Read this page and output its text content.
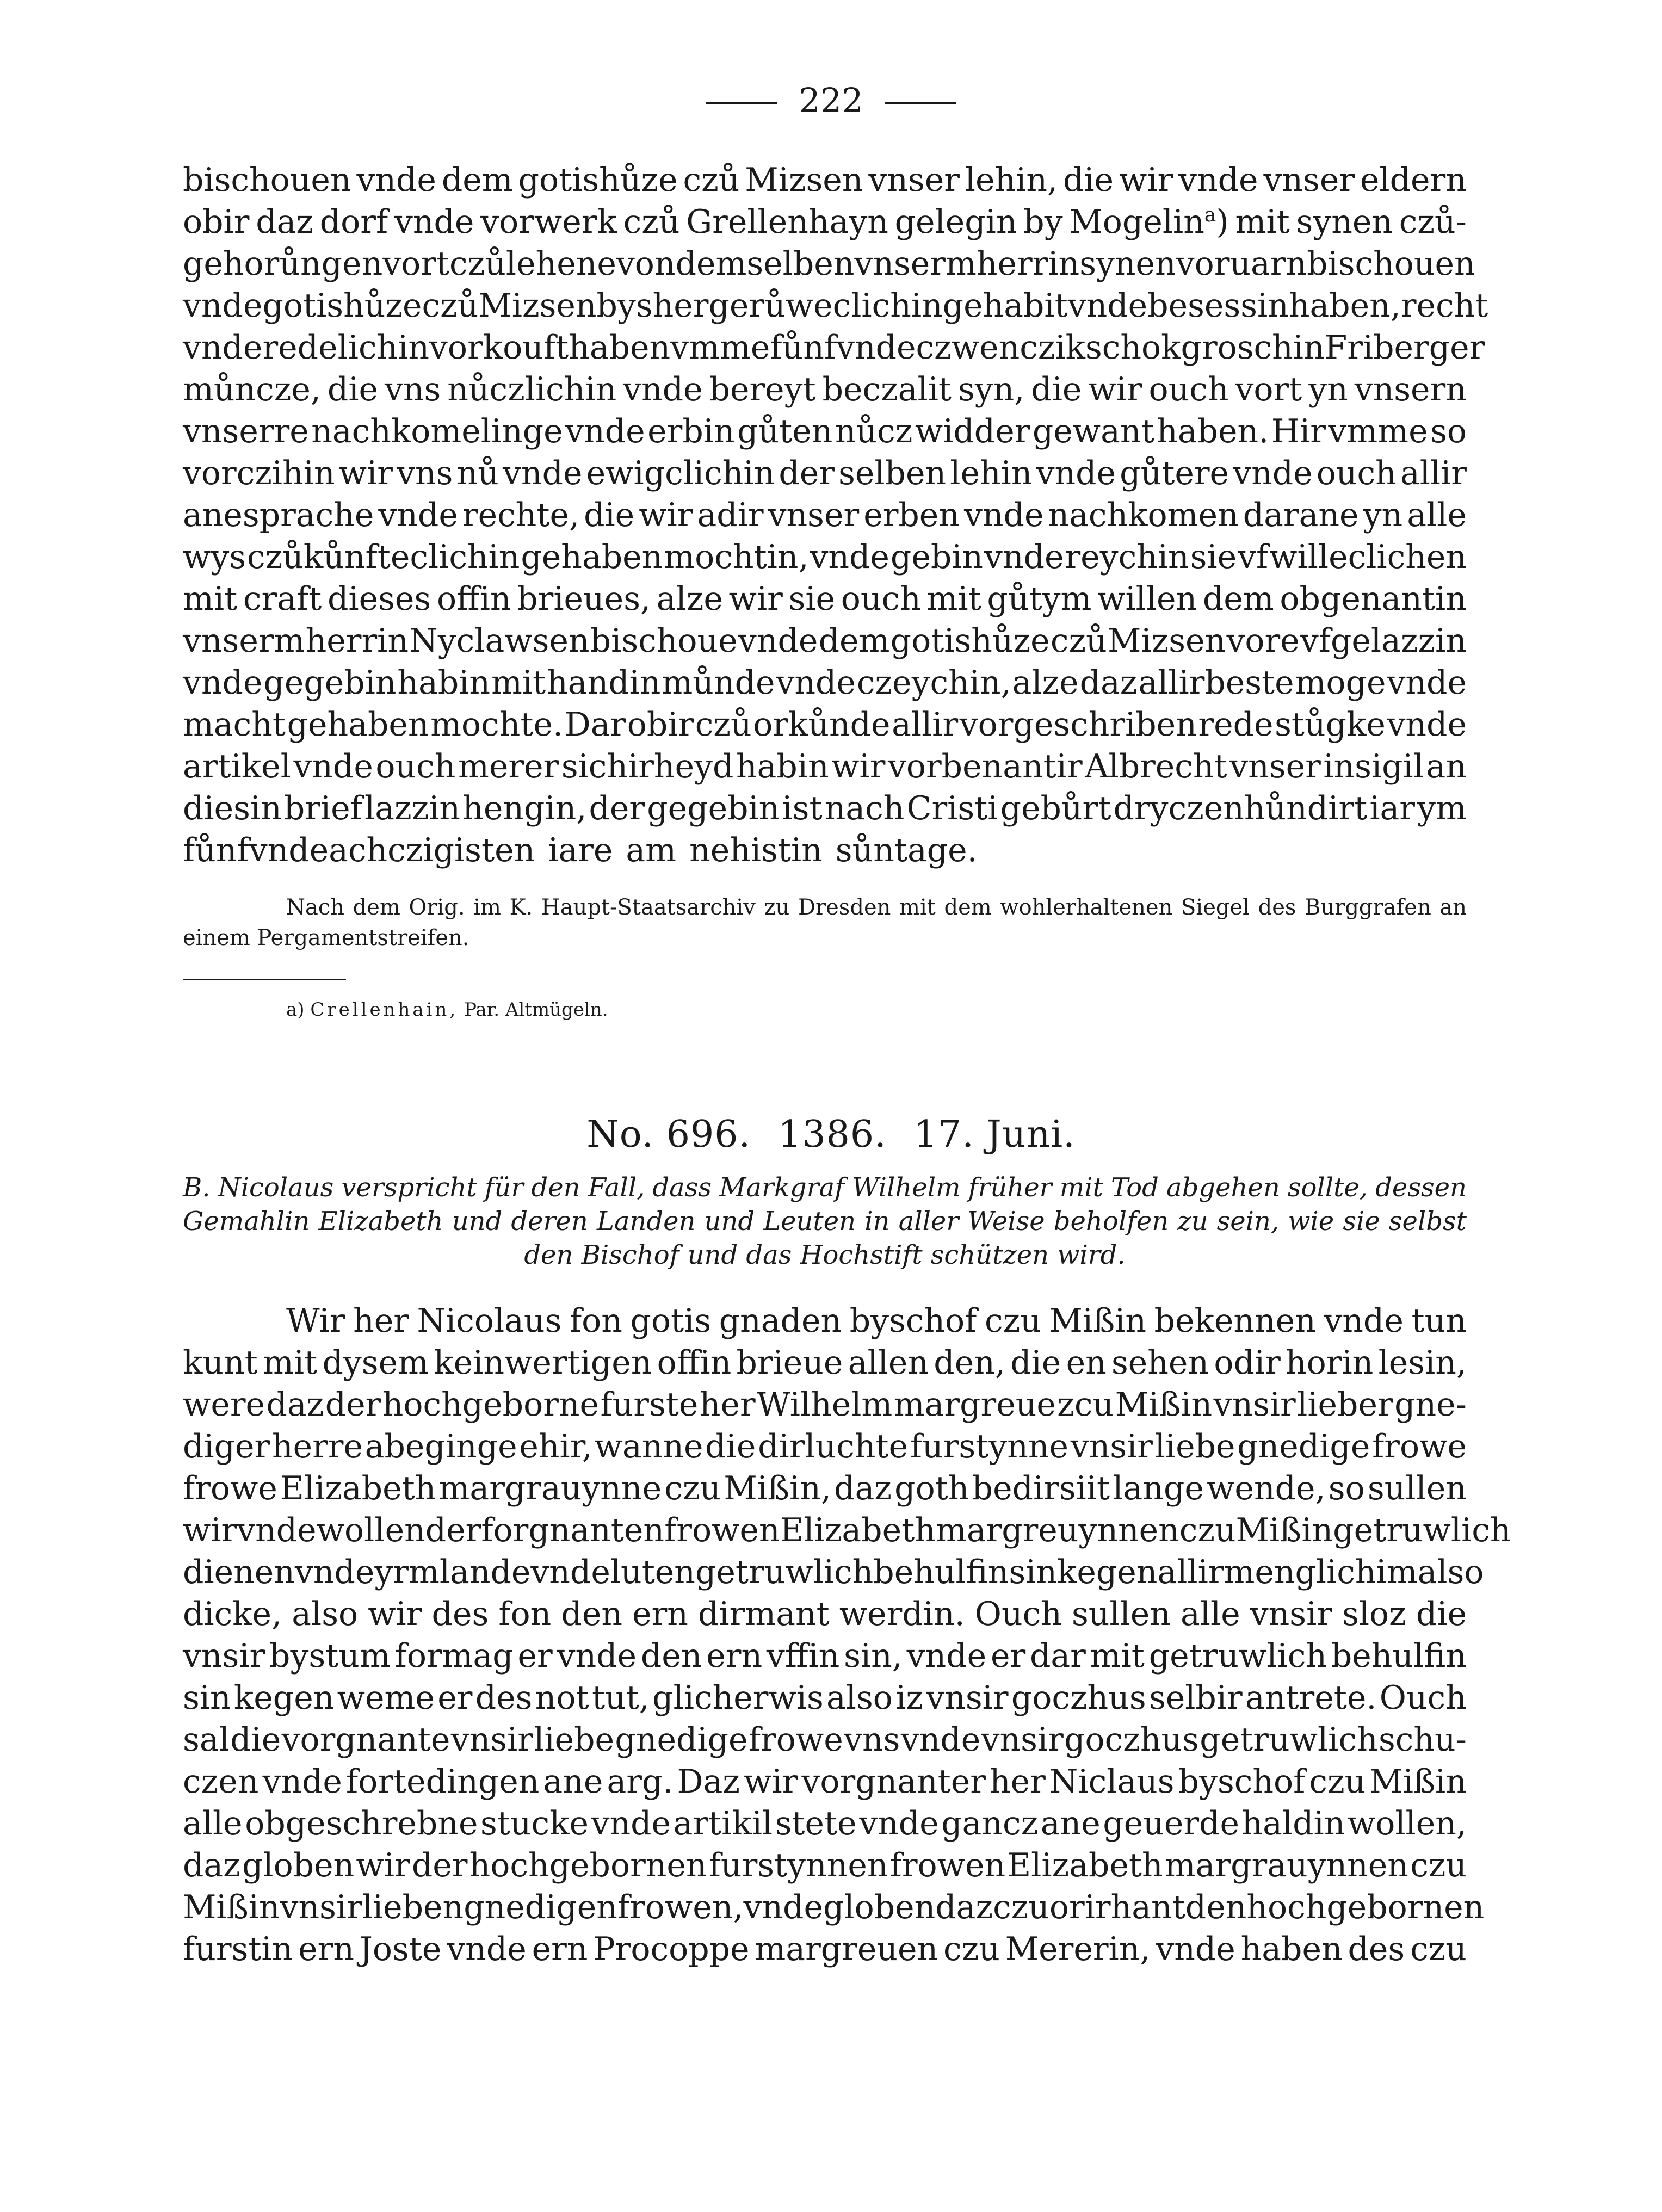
222
bischouen vnde dem gotishůze czů Mizsen vnser lehin, die wir vnde vnser eldern
obir daz dorf vnde vorwerk czů Grellenhayn gelegin by Mogelin$^a$) mit synen czů-
gehorůngen vort czů lehene von dem selben vnserm herrin synen voruarn bischouen
vnde gotishůze czů Mizsen bys her gerůweclichin gehabit vnde besessin haben, recht
vnde redelichin vorkouft haben vmme fůnfvndeczwenczik schok groschin Friberger
můncze, die vns nůczlichin vnde bereyt beczalit syn, die wir ouch vort yn vnsern
vnserre nachkomelinge vnde erbin gůten nůcz widder gewant haben. Hir vmme so
vorczihin wir vns nů vnde ewigclichin der selben lehin vnde gůtere vnde ouch allir
anesprache vnde rechte, die wir adir vnser erben vnde nachkomen darane yn alle
wys czůkůnfteclichin gehaben mochtin, vnde gebin vnde reychin sie vf willeclichen
mit craft dieses offin brieues, alze wir sie ouch mit gůtym willen dem obgenantin
vnserm herrin Nyclawsen bischoue vnde dem gotishůze czů Mizsen vore vfgelazzin
vnde gegebin habin mit handin můnde vnde czeychin, alze daz allirbeste moge vnde
macht gehaben mochte. Dar obir czů orkůnde allir vorgeschriben rede stůgke vnde
artikel vnde ouch merer sichirheyd habin wir vorbenantir Albrecht vnser insigil an
diesin brief lazzin hengin, der gegebin ist nach Cristi gebůrt dryczenhůndirt iar ym
fůnfvndeachczigisten iare am nehistin sůntage.
Nach dem Orig. im K. Haupt-Staatsarchiv zu Dresden mit dem wohlerhaltenen Siegel des Burggrafen an einem Pergamentstreifen.
a) Crellenhain, Par. Altmügeln.
No. 696. 1386. 17. Juni.
B. Nicolaus verspricht für den Fall, dass Markgraf Wilhelm früher mit Tod abgehen sollte, dessen
Gemahlin Elizabeth und deren Landen und Leuten in aller Weise beholfen zu sein, wie sie selbst
den Bischof und das Hochstift schützen wird.
Wir her Nicolaus fon gotis gnaden byschof czu Mißin bekennen vnde tun
kunt mit dysem keinwertigen offin brieue allen den, die en sehen odir horin lesin,
were daz der hochgeborne furste her Wilhelm margreue zcu Mißin vnsir lieber gne-
diger herre abeginge ehir, wanne die dirluchte furstynne vnsir liebe gnedige frowe
frowe Elizabeth margrauynne czu Mißin, daz goth bedirsiit lange wende, so sullen
wir vnde wollen der forgnanten frowen Elizabeth margreuynnen czu Mißin getruwlich
dienen vnde yrm lande vnde luten getruwlich behulfin sin kegen allirmenglichim also
dicke, also wir des fon den ern dirmant werdin. Ouch sullen alle vnsir sloz die
vnsir bystum formag er vnde den ern vffin sin, vnde er dar mit getruwlich behulfin
sin kegen weme er des not tut, glicherwis also iz vnsir goczhus selbir antrete. Ouch
sal die vorgnante vnsir liebe gnedige frowe vns vnde vnsir goczhus getruwlich schu-
czen vnde fortedingen ane arg. Daz wir vorgnanter her Niclaus byschof czu Mißin
alle obgeschrebne stucke vnde artikil stete vnde gancz ane geuerde haldin wollen,
daz globen wir der hochgebornen furstynnen frowen Elizabeth margrauynnen czu
Mißin vnsir lieben gnedigen frowen, vnde globen daz czu orir hant den hochgebornen
furstin ern Joste vnde ern Procoppe margreuen czu Mererin, vnde haben des czu
